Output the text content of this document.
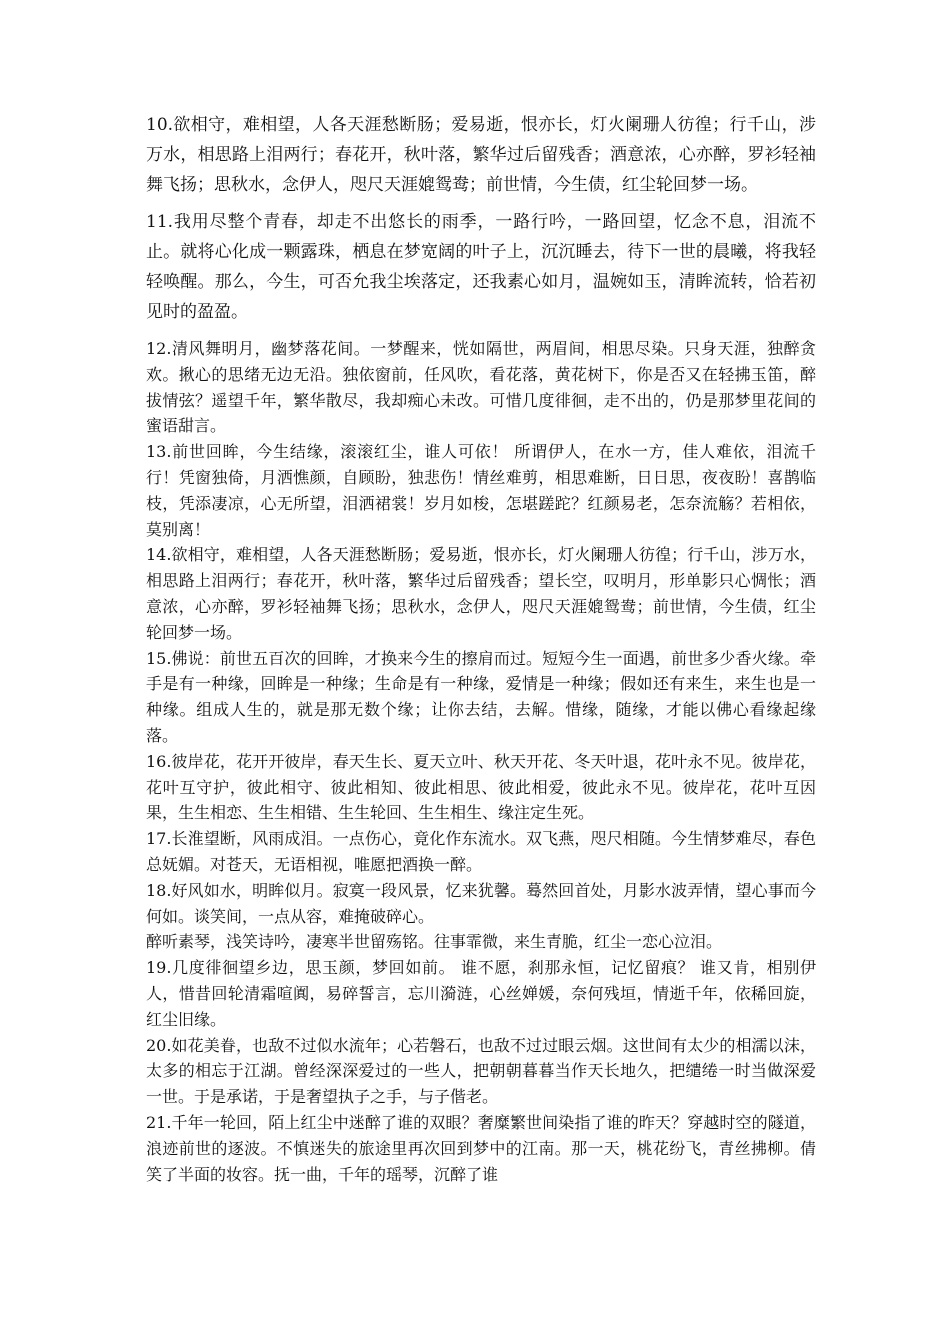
10.欲相守，难相望，人各天涯愁断肠；爱易逝，恨亦长，灯火阑珊人彷徨；行千山，涉万水，相思路上泪两行；春花开，秋叶落，繁华过后留残香；酒意浓，心亦醉，罗衫轻袖舞飞扬；思秋水，念伊人，咫尺天涯媲鸳鸯；前世情，今生债，红尘轮回梦一场。

11.我用尽整个青春，却走不出悠长的雨季，一路行吟，一路回望，忆念不息，泪流不止。就将心化成一颗露珠，栖息在梦宽阔的叶子上，沉沉睡去，待下一世的晨曦，将我轻轻唤醒。那么，今生，可否允我尘埃落定，还我素心如月，温婉如玉，清眸流转，恰若初见时的盈盈。

12.清风舞明月，幽梦落花间。一梦醒来，恍如隔世，两眉间，相思尽染。只身天涯，独醉贪欢。揪心的思绪无边无沿。独依窗前，任风吹，看花落，黄花树下，你是否又在轻拂玉笛，醉拔情弦？遥望千年，繁华散尽，我却痴心未改。可惜几度徘徊，走不出的，仍是那梦里花间的蜜语甜言。

13.前世回眸，今生结缘，滚滚红尘，谁人可依！ 所谓伊人，在水一方，佳人难依，泪流千行！凭窗独倚，月洒憔颜，自顾盼，独悲伤！情丝难剪，相思难断，日日思，夜夜盼！喜鹊临枝，凭添凄凉，心无所望，泪洒裙裳！岁月如梭，怎堪蹉跎？红颜易老，怎奈流觞？若相依，莫别离！

14.欲相守，难相望，人各天涯愁断肠；爱易逝，恨亦长，灯火阑珊人彷徨；行千山，涉万水，相思路上泪两行；春花开，秋叶落，繁华过后留残香；望长空，叹明月，形单影只心惆怅；酒意浓，心亦醉，罗衫轻袖舞飞扬；思秋水，念伊人，咫尺天涯媲鸳鸯；前世情，今生债，红尘轮回梦一场。

15.佛说：前世五百次的回眸，才换来今生的擦肩而过。短短今生一面遇，前世多少香火缘。牵手是有一种缘，回眸是一种缘；生命是有一种缘，爱情是一种缘；假如还有来生，来生也是一种缘。组成人生的，就是那无数个缘；让你去结，去解。惜缘，随缘，才能以佛心看缘起缘落。

16.彼岸花，花开开彼岸，春天生长、夏天立叶、秋天开花、冬天叶退，花叶永不见。彼岸花，花叶互守护，彼此相守、彼此相知、彼此相思、彼此相爱，彼此永不见。彼岸花，花叶互因果，生生相恋、生生相错、生生轮回、生生相生、缘注定生死。

17.长淮望断，风雨成泪。一点伤心，竟化作东流水。双飞燕，咫尺相随。今生情梦难尽，春色总妩媚。对苍天，无语相视，唯愿把酒换一醉。

18.好风如水，明眸似月。寂寞一段风景，忆来犹馨。蓦然回首处，月影水波弄情，望心事而今何如。谈笑间，一点从容，难掩破碎心。

醉听素琴，浅笑诗吟，凄寒半世留殇铭。往事霏微，来生青脆，红尘一恋心泣泪。

19.几度徘徊望乡边，思玉颜，梦回如前。 谁不愿，刹那永恒，记忆留痕？ 谁又肯，相别伊人，惜昔回轮清霜喧阗，易碎誓言，忘川漪涟，心丝婵媛，奈何残垣，情逝千年，依稀回旋，红尘旧缘。

20.如花美眷，也敌不过似水流年；心若磐石，也敌不过过眼云烟。这世间有太少的相濡以沫，太多的相忘于江湖。曾经深深爱过的一些人，把朝朝暮暮当作天长地久，把缱绻一时当做深爱一世。于是承诺，于是奢望执子之手，与子偕老。

21.千年一轮回，陌上红尘中迷醉了谁的双眼？奢糜繁世间染指了谁的昨天？穿越时空的隧道，浪迹前世的逐波。不慎迷失的旅途里再次回到梦中的江南。那一天，桃花纷飞，青丝拂柳。倩笑了半面的妆容。抚一曲，千年的瑶琴，沉醉了谁
